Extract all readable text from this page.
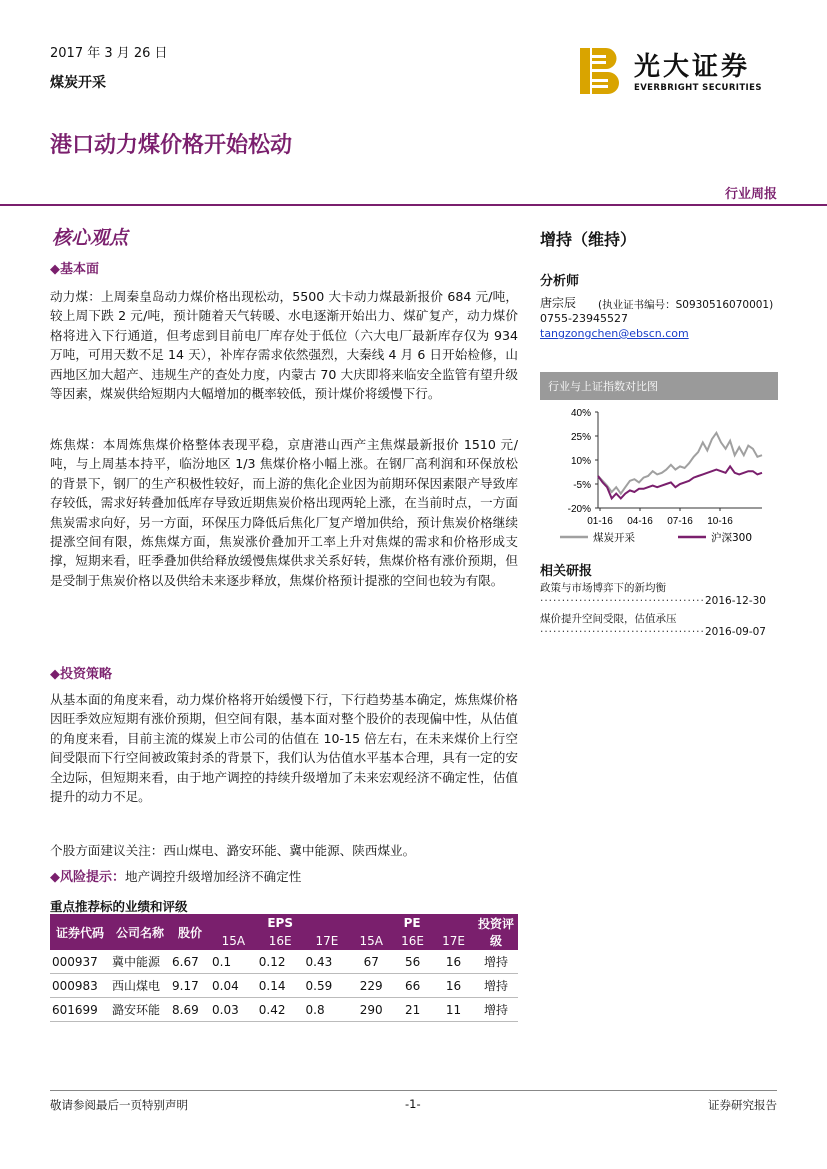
2017 年 3 月 26 日
煤炭开采
港口动力煤价格开始松动
光大证券
EVERBRIGHT SECURITIES
行业周报
核心观点
◆基本面
动力煤：上周秦皇岛动力煤价格出现松动，5500 大卡动力煤最新报价 684 元/吨，较上周下跌 2 元/吨，预计随着天气转暖、水电逐渐开始出力、煤矿复产，动力煤价格将进入下行通道，但考虑到目前电厂库存处于低位（六大电厂最新库存仅为 934 万吨，可用天数不足 14 天），补库存需求依然强烈，大秦线 4 月 6 日开始检修，山西地区加大超产、违规生产的查处力度，内蒙古 70 大庆即将来临安全监管有望升级等因素，煤炭供给短期内大幅增加的概率较低，预计煤价将缓慢下行。
炼焦煤：本周炼焦煤价格整体表现平稳，京唐港山西产主焦煤最新报价 1510 元/吨，与上周基本持平，临汾地区 1/3 焦煤价格小幅上涨。在钢厂高利润和环保放松的背景下，钢厂的生产积极性较好，而上游的焦化企业因为前期环保因素限产导致库存较低，需求好转叠加低库存导致近期焦炭价格出现两轮上涨，在当前时点，一方面焦炭需求向好，另一方面，环保压力降低后焦化厂复产增加供给，预计焦炭价格继续提涨空间有限，炼焦煤方面，焦炭涨价叠加开工率上升对焦煤的需求和价格形成支撑，短期来看，旺季叠加供给释放缓慢焦煤供求关系好转，焦煤价格有涨价预期，但是受制于焦炭价格以及供给未来逐步释放，焦煤价格预计提涨的空间也较为有限。
◆投资策略
从基本面的角度来看，动力煤价格将开始缓慢下行，下行趋势基本确定，炼焦煤价格因旺季效应短期有涨价预期，但空间有限，基本面对整个股价的表现偏中性，从估值的角度来看，目前主流的煤炭上市公司的估值在 10-15 倍左右，在未来煤价上行空间受限而下行空间被政策封杀的背景下，我们认为估值水平基本合理，具有一定的安全边际，但短期来看，由于地产调控的持续升级增加了未来宏观经济不确定性，估值提升的动力不足。
个股方面建议关注：西山煤电、潞安环能、冀中能源、陕西煤业。
◆风险提示：地产调控升级增加经济不确定性
增持（维持）
分析师
唐宗辰 (执业证书编号：S0930516070001)
0755-23945527
tangzongchen@ebscn.com
行业与上证指数对比图
40%
25%
10%
-5%
-20%
01-16 04-16 07-16 10-16
煤炭开采	沪深300
相关研报
政策与市场博弈下的新均衡
······································ 2016-12-30
煤价提升空间受限，估值承压
······································ 2016-09-07
重点推荐标的业绩和评级
证券代码	公司名称	股价	EPS			PE			投资评级
			15A	16E	17E	15A	16E	17E	
000937	冀中能源	6.67	0.1	0.12	0.43	67	56	16	增持
000983	西山煤电	9.17	0.04	0.14	0.59	229	66	16	增持
601699	潞安环能	8.69	0.03	0.42	0.8	290	21	11	增持
敬请参阅最后一页特别声明	-1-	证券研究报告
